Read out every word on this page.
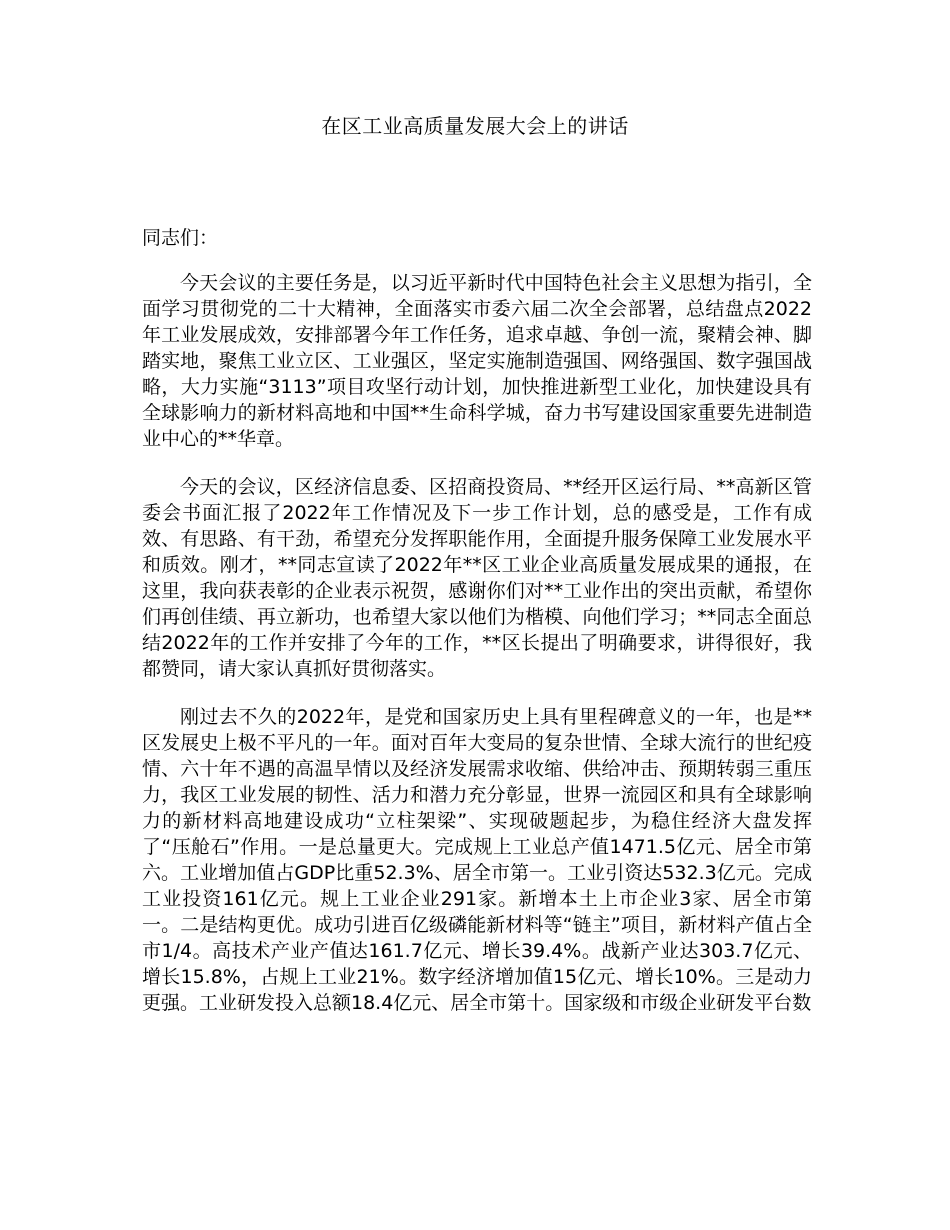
在区工业高质量发展大会上的讲话
同志们：

今天会议的主要任务是，以习近平新时代中国特色社会主义思想为指引，全面学习贯彻党的二十大精神，全面落实市委六届二次全会部署，总结盘点2022年工业发展成效，安排部署今年工作任务，追求卓越、争创一流，聚精会神、脚踏实地，聚焦工业立区、工业强区，坚定实施制造强国、网络强国、数字强国战略，大力实施“3113”项目攻坚行动计划，加快推进新型工业化，加快建设具有全球影响力的新材料高地和中国**生命科学城，奋力书写建设国家重要先进制造业中心的**华章。

今天的会议，区经济信息委、区招商投资局、**经开区运行局、**高新区管委会书面汇报了2022年工作情况及下一步工作计划，总的感受是，工作有成效、有思路、有干劲，希望充分发挥职能作用，全面提升服务保障工业发展水平和质效。刚才，**同志宣读了2022年**区工业企业高质量发展成果的通报，在这里，我向获表彰的企业表示祝贺，感谢你们对**工业作出的突出贡献，希望你们再创佳绩、再立新功，也希望大家以他们为楷模、向他们学习；**同志全面总结2022年的工作并安排了今年的工作，**区长提出了明确要求，讲得很好，我都赞同，请大家认真抓好贯彻落实。

刚过去不久的2022年，是党和国家历史上具有里程碑意义的一年，也是**区发展史上极不平凡的一年。面对百年大变局的复杂世情、全球大流行的世纪疫情、六十年不遇的高温旱情以及经济发展需求收缩、供给冲击、预期转弱三重压力，我区工业发展的韧性、活力和潜力充分彰显，世界一流园区和具有全球影响力的新材料高地建设成功“立柱架梁”、实现破题起步，为稳住经济大盘发挥了“压舱石”作用。一是总量更大。完成规上工业总产值1471.5亿元、居全市第六。工业增加值占GDP比重52.3%、居全市第一。工业引资达532.3亿元。完成工业投资161亿元。规上工业企业291家。新增本土上市企业3家、居全市第一。二是结构更优。成功引进百亿级磷能新材料等“链主”项目，新材料产值占全市1/4。高技术产业产值达161.7亿元、增长39.4%。战新产业达303.7亿元、增长15.8%，占规上工业21%。数字经济增加值15亿元、增长10%。三是动力更强。工业研发投入总额18.4亿元、居全市第十。国家级和市级企业研发平台数
